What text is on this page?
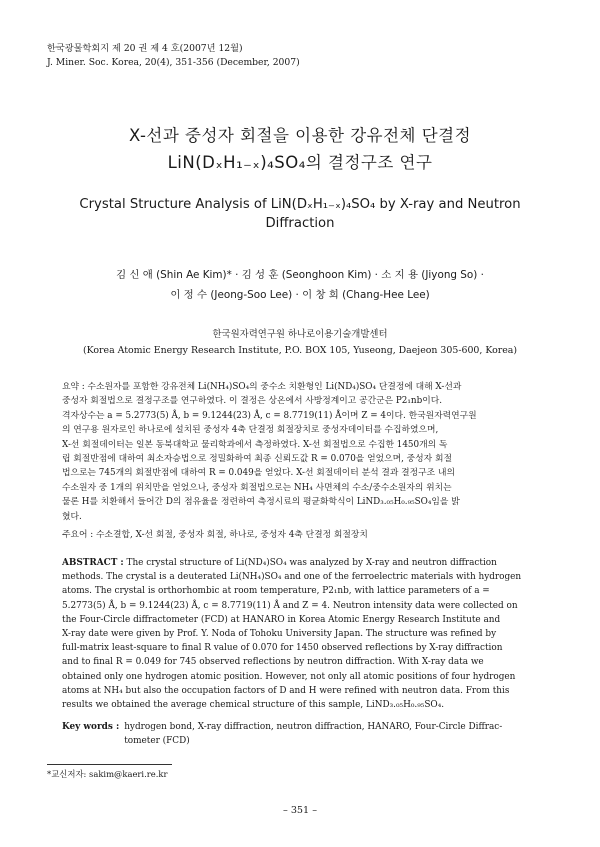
한국광물학회지 제 20 권 제 4 호(2007년 12월)
J. Miner. Soc. Korea, 20(4), 351-356 (December, 2007)
X-선과 중성자 회절을 이용한 강유전체 단결정
LiN(DₓH₁₋ₓ)₄SO₄의 결정구조 연구
Crystal Structure Analysis of LiN(DₓH₁₋ₓ)₄SO₄ by X-ray and Neutron
Diffraction
김 신 애 (Shin Ae Kim)* · 김 성 훈 (Seonghoon Kim) · 소 지 용 (Jiyong So) ·
이 정 수 (Jeong-Soo Lee) · 이 창 희 (Chang-Hee Lee)
한국원자력연구원 하나로이용기술개발센터
(Korea Atomic Energy Research Institute, P.O. BOX 105, Yuseong, Daejeon 305-600, Korea)
요약 : 수소원자를 포함한 강유전체 Li(NH₄)SO₄의 중수소 치환형인 Li(ND₄)SO₄ 단결정에 대해 X-선과
중성자 회절법으로 결정구조를 연구하였다. 이 결정은 상온에서 사방정계이고 공간군은 P2₁nb이다.
격자상수는 a = 5.2773(5) Å, b = 9.1244(23) Å, c = 8.7719(11) Å이며 Z = 4이다. 한국원자력연구원
의 연구용 원자로인 하나로에 설치된 중성자 4축 단결정 회절장치로 중성자데이터를 수집하였으며,
X-선 회절데이터는 일본 동북대학교 물리학과에서 측정하였다. X-선 회절법으로 수집한 1450개의 독
립 회절반점에 대하여 최소자승법으로 정밀화하여 최종 신뢰도값 R = 0.070을 얻었으며, 중성자 회절
법으로는 745개의 회절반점에 대하여 R = 0.049을 얻었다. X-선 회절데이터 분석 결과 결정구조 내의
수소원자 중 1개의 위치만을 얻었으나, 중성자 회절법으로는 NH₄ 사면체의 수소/중수소원자의 위치는
물론 H를 치환해서 들어간 D의 점유율을 정련하여 측정시료의 평균화학식이 LiND₃.₀₅H₀.₉₅SO₄임을 밝
혔다.
주요어 : 수소결합, X-선 회절, 중성자 회절, 하나로, 중성자 4축 단결정 회절장치
ABSTRACT : The crystal structure of Li(ND₄)SO₄ was analyzed by X-ray and neutron diffraction
methods. The crystal is a deuterated Li(NH₄)SO₄ and one of the ferroelectric materials with hydrogen
atoms. The crystal is orthorhombic at room temperature, P2₁nb, with lattice parameters of a =
5.2773(5) Å, b = 9.1244(23) Å, c = 8.7719(11) Å and Z = 4. Neutron intensity data were collected on
the Four-Circle diffractometer (FCD) at HANARO in Korea Atomic Energy Research Institute and
X-ray date were given by Prof. Y. Noda of Tohoku University Japan. The structure was refined by
full-matrix least-square to final R value of 0.070 for 1450 observed reflections by X-ray diffraction
and to final R = 0.049 for 745 observed reflections by neutron diffraction. With X-ray data we
obtained only one hydrogen atomic position. However, not only all atomic positions of four hydrogen
atoms at NH₄ but also the occupation factors of D and H were refined with neutron data. From this
results we obtained the average chemical structure of this sample, LiND₃.₀₅H₀.₉₅SO₄.
Key words : hydrogen bond, X-ray diffraction, neutron diffraction, HANARO, Four-Circle Diffrac-
tometer (FCD)
*교신저자: sakim@kaeri.re.kr
– 351 –
